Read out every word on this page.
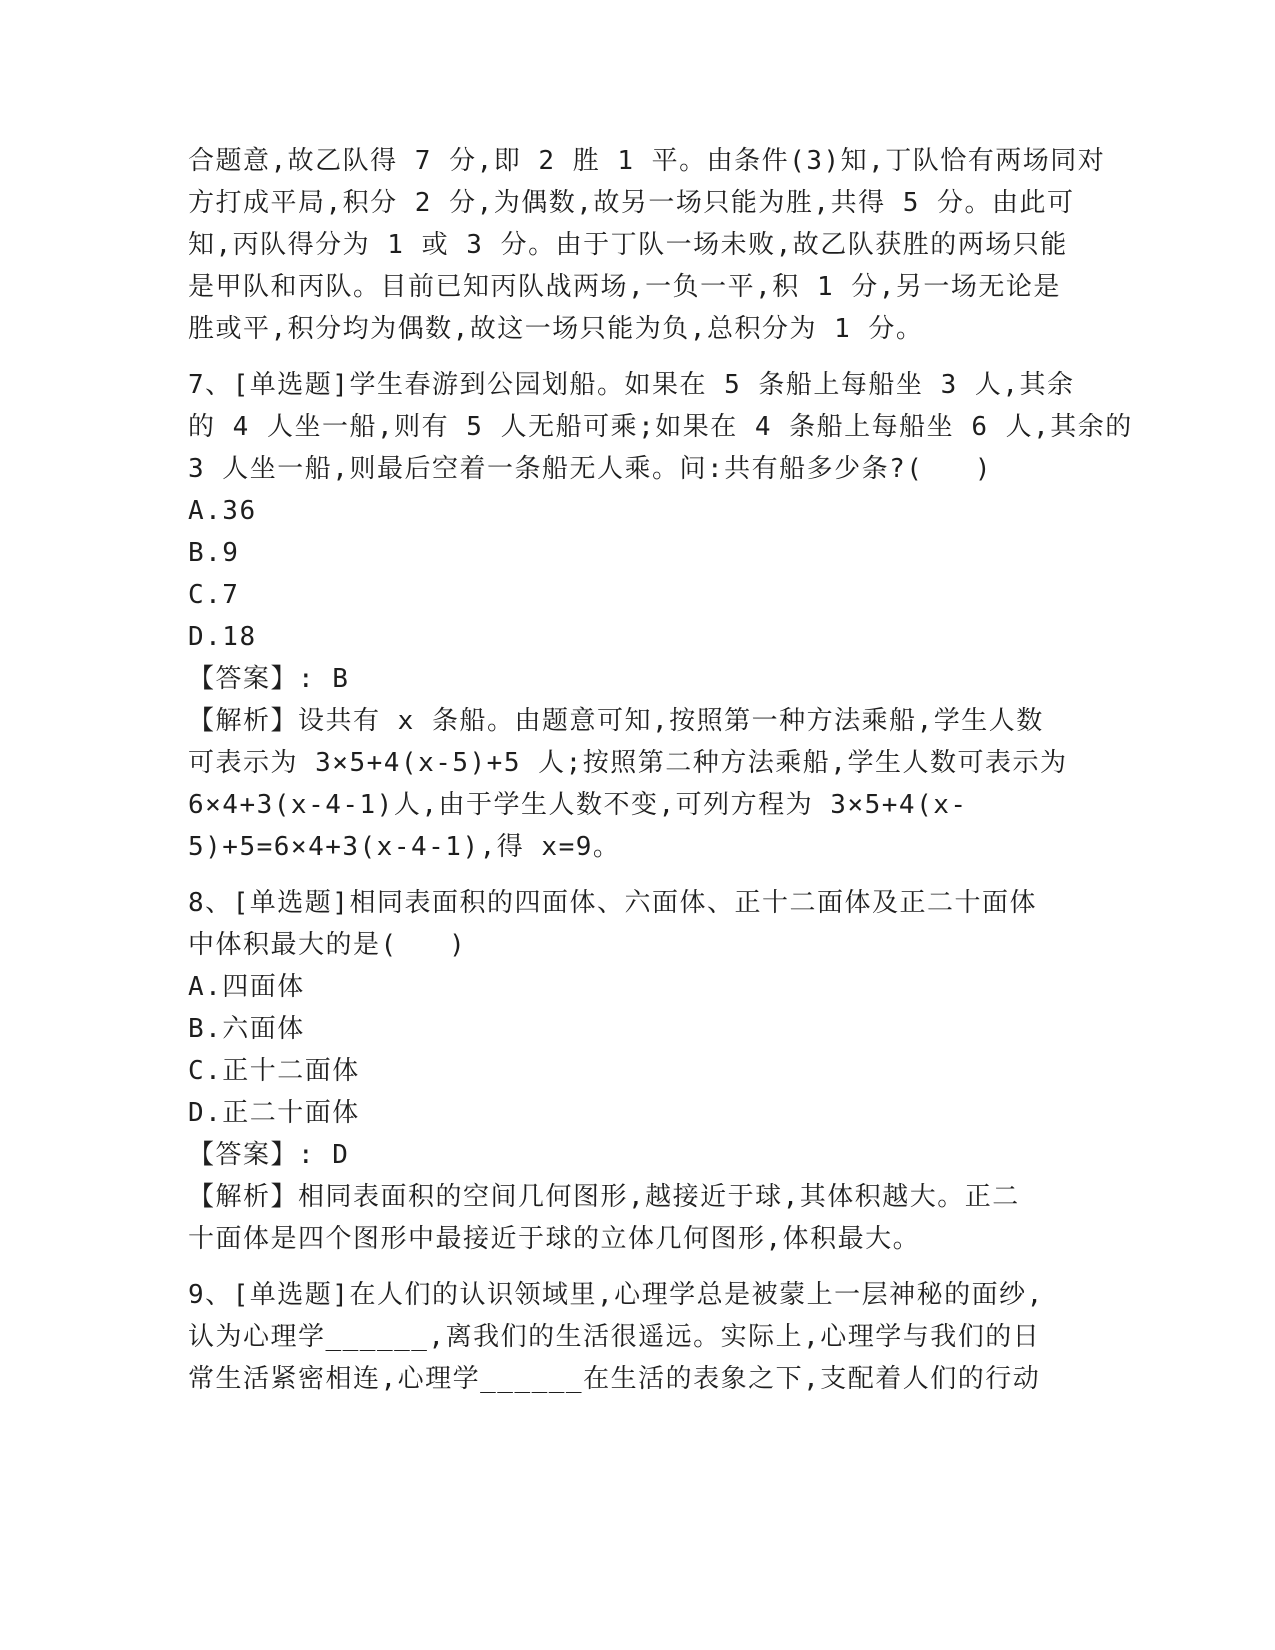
合题意,故乙队得 7 分,即 2 胜 1 平。由条件(3)知,丁队恰有两场同对
方打成平局,积分 2 分,为偶数,故另一场只能为胜,共得 5 分。由此可
知,丙队得分为 1 或 3 分。由于丁队一场未败,故乙队获胜的两场只能
是甲队和丙队。目前已知丙队战两场,一负一平,积 1 分,另一场无论是
胜或平,积分均为偶数,故这一场只能为负,总积分为 1 分。
7、[单选题]学生春游到公园划船。如果在 5 条船上每船坐 3 人,其余
的 4 人坐一船,则有 5 人无船可乘;如果在 4 条船上每船坐 6 人,其余的
3 人坐一船,则最后空着一条船无人乘。问:共有船多少条?(   )
A.36
B.9
C.7
D.18
【答案】: B
【解析】设共有 x 条船。由题意可知,按照第一种方法乘船,学生人数
可表示为 3×5+4(x-5)+5 人;按照第二种方法乘船,学生人数可表示为
6×4+3(x-4-1)人,由于学生人数不变,可列方程为 3×5+4(x-
5)+5=6×4+3(x-4-1),得 x=9。
8、[单选题]相同表面积的四面体、六面体、正十二面体及正二十面体
中体积最大的是(   )
A.四面体
B.六面体
C.正十二面体
D.正二十面体
【答案】: D
【解析】相同表面积的空间几何图形,越接近于球,其体积越大。正二
十面体是四个图形中最接近于球的立体几何图形,体积最大。
9、[单选题]在人们的认识领域里,心理学总是被蒙上一层神秘的面纱,
认为心理学______,离我们的生活很遥远。实际上,心理学与我们的日
常生活紧密相连,心理学______在生活的表象之下,支配着人们的行动
